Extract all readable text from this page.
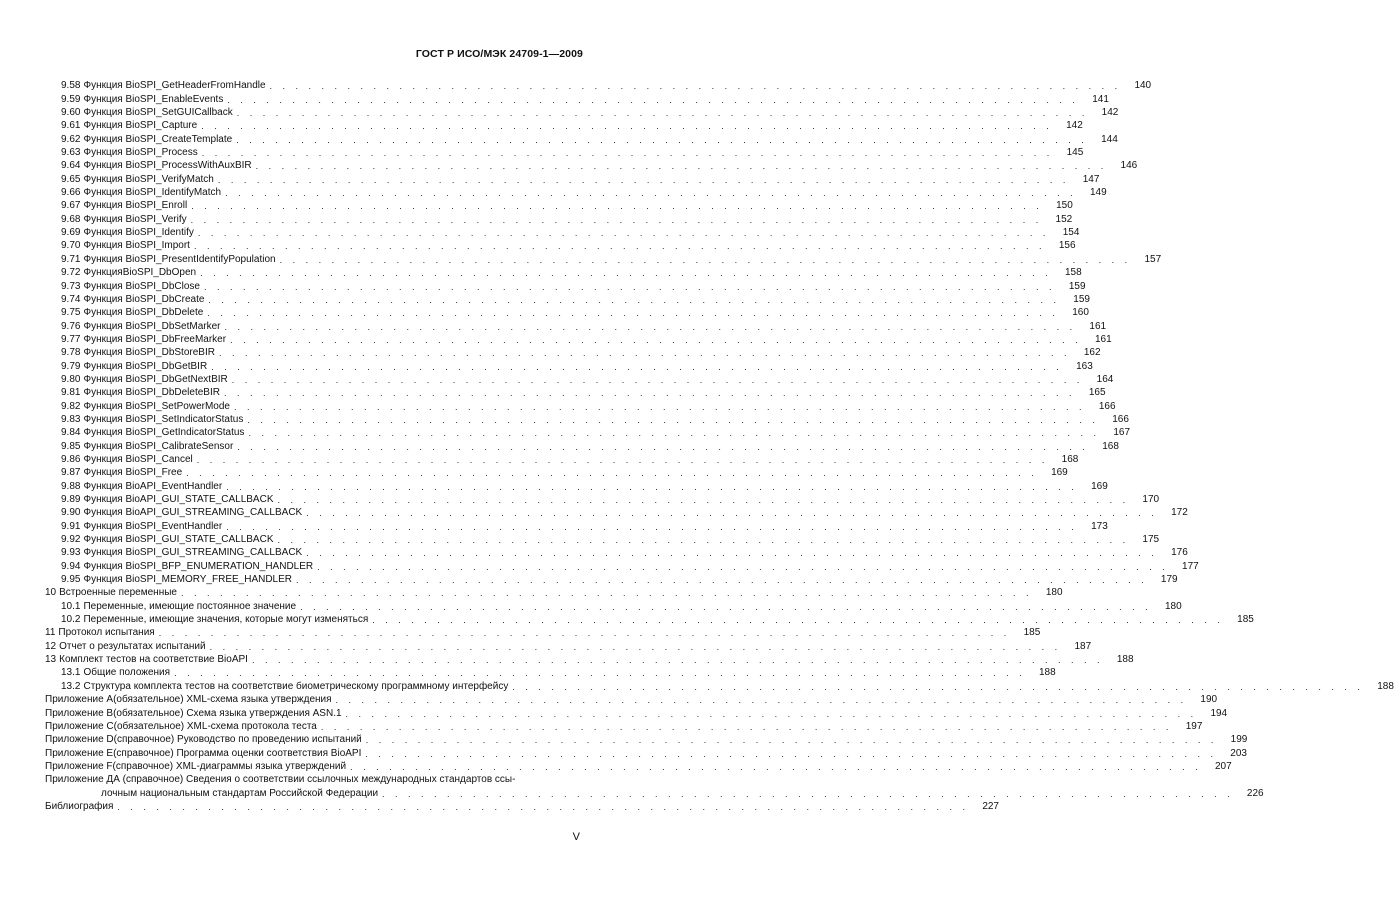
ГОСТ Р ИСО/МЭК 24709-1—2009
9.58 Функция BioSPI_GetHeaderFromHandle . . . . . . . . . . . . . . . . . . . . . . . . . . . . . . . . . . . . . . . . . . . . . . . . . . . . . . . . . . . . . . . . . .	140
9.59 Функция BioSPI_EnableEvents . . . . . . . . . . . . . . . . . . . . . . . . . . . . . . . . . . . . . . . . . . . . . . . . . . . . . . . . . . . . . . . . . .	141
9.60 Функция BioSPI_SetGUICallback . . . . . . . . . . . . . . . . . . . . . . . . . . . . . . . . . . . . . . . . . . . . . . . . . . . . . . . . . . . . . . . . . .	142
9.61 Функция BioSPI_Capture . . . . . . . . . . . . . . . . . . . . . . . . . . . . . . . . . . . . . . . . . . . . . . . . . . . . . . . . . . . . . . . . . .	142
9.62 Функция BioSPI_CreateTemplate . . . . . . . . . . . . . . . . . . . . . . . . . . . . . . . . . . . . . . . . . . . . . . . . . . . . . . . . . . . . . . . . . .	144
9.63 Функция BioSPI_Process . . . . . . . . . . . . . . . . . . . . . . . . . . . . . . . . . . . . . . . . . . . . . . . . . . . . . . . . . . . . . . . . . .	145
9.64 Функция BioSPI_ProcessWithAuxBIR . . . . . . . . . . . . . . . . . . . . . . . . . . . . . . . . . . . . . . . . . . . . . . . . . . . . . . . . . . . . . . . . . .	146
9.65 Функция BioSPI_VerifyMatch . . . . . . . . . . . . . . . . . . . . . . . . . . . . . . . . . . . . . . . . . . . . . . . . . . . . . . . . . . . . . . . . . .	147
9.66 Функция BioSPI_IdentifyMatch . . . . . . . . . . . . . . . . . . . . . . . . . . . . . . . . . . . . . . . . . . . . . . . . . . . . . . . . . . . . . . . . . .	149
9.67 Функция BioSPI_Enroll . . . . . . . . . . . . . . . . . . . . . . . . . . . . . . . . . . . . . . . . . . . . . . . . . . . . . . . . . . . . . . . . . .	150
9.68 Функция BioSPI_Verify . . . . . . . . . . . . . . . . . . . . . . . . . . . . . . . . . . . . . . . . . . . . . . . . . . . . . . . . . . . . . . . . . .	152
9.69 Функция BioSPI_Identify . . . . . . . . . . . . . . . . . . . . . . . . . . . . . . . . . . . . . . . . . . . . . . . . . . . . . . . . . . . . . . . . . .	154
9.70 Функция BioSPI_Import . . . . . . . . . . . . . . . . . . . . . . . . . . . . . . . . . . . . . . . . . . . . . . . . . . . . . . . . . . . . . . . . . .	156
9.71 Функция BioSPI_PresentIdentifyPopulation . . . . . . . . . . . . . . . . . . . . . . . . . . . . . . . . . . . . . . . . . . . . . . . . . . . . . . . . . . . . . . . . . .	157
9.72 ФункцияBioSPI_DbOpen . . . . . . . . . . . . . . . . . . . . . . . . . . . . . . . . . . . . . . . . . . . . . . . . . . . . . . . . . . . . . . . . . .	158
9.73 Функция BioSPI_DbClose . . . . . . . . . . . . . . . . . . . . . . . . . . . . . . . . . . . . . . . . . . . . . . . . . . . . . . . . . . . . . . . . . .	159
9.74 Функция BioSPI_DbCreate . . . . . . . . . . . . . . . . . . . . . . . . . . . . . . . . . . . . . . . . . . . . . . . . . . . . . . . . . . . . . . . . . .	159
9.75 Функция BioSPI_DbDelete . . . . . . . . . . . . . . . . . . . . . . . . . . . . . . . . . . . . . . . . . . . . . . . . . . . . . . . . . . . . . . . . . .	160
9.76 Функция BioSPI_DbSetMarker . . . . . . . . . . . . . . . . . . . . . . . . . . . . . . . . . . . . . . . . . . . . . . . . . . . . . . . . . . . . . . . . . .	161
9.77 Функция BioSPI_DbFreeMarker . . . . . . . . . . . . . . . . . . . . . . . . . . . . . . . . . . . . . . . . . . . . . . . . . . . . . . . . . . . . . . . . . .	161
9.78 Функция BioSPI_DbStoreBIR . . . . . . . . . . . . . . . . . . . . . . . . . . . . . . . . . . . . . . . . . . . . . . . . . . . . . . . . . . . . . . . . . .	162
9.79 Функция BioSPI_DbGetBIR . . . . . . . . . . . . . . . . . . . . . . . . . . . . . . . . . . . . . . . . . . . . . . . . . . . . . . . . . . . . . . . . . .	163
9.80 Функция BioSPI_DbGetNextBIR . . . . . . . . . . . . . . . . . . . . . . . . . . . . . . . . . . . . . . . . . . . . . . . . . . . . . . . . . . . . . . . . . .	164
9.81 Функция BioSPI_DbDeleteBIR . . . . . . . . . . . . . . . . . . . . . . . . . . . . . . . . . . . . . . . . . . . . . . . . . . . . . . . . . . . . . . . . . .	165
9.82 Функция BioSPI_SetPowerMode . . . . . . . . . . . . . . . . . . . . . . . . . . . . . . . . . . . . . . . . . . . . . . . . . . . . . . . . . . . . . . . . . .	166
9.83 Функция BioSPI_SetIndicatorStatus . . . . . . . . . . . . . . . . . . . . . . . . . . . . . . . . . . . . . . . . . . . . . . . . . . . . . . . . . . . . . . . . . .	166
9.84 Функция BioSPI_GetIndicatorStatus . . . . . . . . . . . . . . . . . . . . . . . . . . . . . . . . . . . . . . . . . . . . . . . . . . . . . . . . . . . . . . . . . .	167
9.85 Функция BioSPI_CalibrateSensor . . . . . . . . . . . . . . . . . . . . . . . . . . . . . . . . . . . . . . . . . . . . . . . . . . . . . . . . . . . . . . . . . .	168
9.86 Функция BioSPI_Cancel . . . . . . . . . . . . . . . . . . . . . . . . . . . . . . . . . . . . . . . . . . . . . . . . . . . . . . . . . . . . . . . . . .	168
9.87 Функция BioSPI_Free . . . . . . . . . . . . . . . . . . . . . . . . . . . . . . . . . . . . . . . . . . . . . . . . . . . . . . . . . . . . . . . . . .	169
9.88 Функция BioAPI_EventHandler . . . . . . . . . . . . . . . . . . . . . . . . . . . . . . . . . . . . . . . . . . . . . . . . . . . . . . . . . . . . . . . . . .	169
9.89 Функция BioAPI_GUI_STATE_CALLBACK . . . . . . . . . . . . . . . . . . . . . . . . . . . . . . . . . . . . . . . . . . . . . . . . . . . . . . . . . . . . . . . . . .	170
9.90 Функция BioAPI_GUI_STREAMING_CALLBACK . . . . . . . . . . . . . . . . . . . . . . . . . . . . . . . . . . . . . . . . . . . . . . . . . . . . . . . . . . . . . . . . . .	172
9.91 Функция BioSPI_EventHandler . . . . . . . . . . . . . . . . . . . . . . . . . . . . . . . . . . . . . . . . . . . . . . . . . . . . . . . . . . . . . . . . . .	173
9.92 Функция BioSPI_GUI_STATE_CALLBACK . . . . . . . . . . . . . . . . . . . . . . . . . . . . . . . . . . . . . . . . . . . . . . . . . . . . . . . . . . . . . . . . . .	175
9.93 Функция BioSPI_GUI_STREAMING_CALLBACK . . . . . . . . . . . . . . . . . . . . . . . . . . . . . . . . . . . . . . . . . . . . . . . . . . . . . . . . . . . . . . . . . .	176
9.94 Функция BioSPI_BFP_ENUMERATION_HANDLER . . . . . . . . . . . . . . . . . . . . . . . . . . . . . . . . . . . . . . . . . . . . . . . . . . . . . . . . . . . . . . . . . .	177
9.95 Функция BioSPI_MEMORY_FREE_HANDLER . . . . . . . . . . . . . . . . . . . . . . . . . . . . . . . . . . . . . . . . . . . . . . . . . . . . . . . . . . . . . . . . . .	179
10 Встроенные переменные . . . . . . . . . . . . . . . . . . . . . . . . . . . . . . . . . . . . . . . . . . . . . . . . . . . . . . . . . . . . . . . . . .	180
10.1 Переменные, имеющие постоянное значение . . . . . . . . . . . . . . . . . . . . . . . . . . . . . . . . . . . . . . . . . . . . . . . . . . . . . . . . . . . . . . . . . .	180
10.2 Переменные, имеющие значения, которые могут изменяться . . . . . . . . . . . . . . . . . . . . . . . . . . . . . . . . . . . . . . . . . . . . . . . . . . . . . . . . . . . . . . . . . .	185
11 Протокол испытания . . . . . . . . . . . . . . . . . . . . . . . . . . . . . . . . . . . . . . . . . . . . . . . . . . . . . . . . . . . . . . . . . .	185
12 Отчет о результатах испытаний . . . . . . . . . . . . . . . . . . . . . . . . . . . . . . . . . . . . . . . . . . . . . . . . . . . . . . . . . . . . . . . . . .	187
13 Комплект тестов на соответствие BioAPI . . . . . . . . . . . . . . . . . . . . . . . . . . . . . . . . . . . . . . . . . . . . . . . . . . . . . . . . . . . . . . . . . .	188
13.1 Общие положения . . . . . . . . . . . . . . . . . . . . . . . . . . . . . . . . . . . . . . . . . . . . . . . . . . . . . . . . . . . . . . . . . .	188
13.2 Структура комплекта тестов на соответствие биометрическому программному интерфейсу . . . . . . . . . . . . . . . . . . . . . . . . . . . . . . . . . . . . . . . . . . . . . . . . . . . . . . . . . . . . . . . . . .	188
Приложение А(обязательное) XML-схема языка утверждения . . . . . . . . . . . . . . . . . . . . . . . . . . . . . . . . . . . . . . . . . . . . . . . . . . . . . . . . . . . . . . . . . .	190
Приложение В(обязательное) Схема языка утверждения ASN.1 . . . . . . . . . . . . . . . . . . . . . . . . . . . . . . . . . . . . . . . . . . . . . . . . . . . . . . . . . . . . . . . . . .	194
Приложение С(обязательное) XML-схема протокола теста . . . . . . . . . . . . . . . . . . . . . . . . . . . . . . . . . . . . . . . . . . . . . . . . . . . . . . . . . . . . . . . . . .	197
Приложение D(справочное) Руководство по проведению испытаний . . . . . . . . . . . . . . . . . . . . . . . . . . . . . . . . . . . . . . . . . . . . . . . . . . . . . . . . . . . . . . . . . .	199
Приложение Е(справочное) Программа оценки соответствия BioAPI . . . . . . . . . . . . . . . . . . . . . . . . . . . . . . . . . . . . . . . . . . . . . . . . . . . . . . . . . . . . . . . . . .	203
Приложение F(справочное) XML-диаграммы языка утверждений . . . . . . . . . . . . . . . . . . . . . . . . . . . . . . . . . . . . . . . . . . . . . . . . . . . . . . . . . . . . . . . . . .	207
Приложение ДА (справочное) Сведения о соответствии ссылочных международных стандартов ссы-
лочным национальным стандартам Российской Федерации . . . . . . . . . . . . . . . . . . . . . . . . . . . . . . . . . . . . . . . . . . . . . . . . . . . . . . . . . . . . . . . . . .	226
Библиография . . . . . . . . . . . . . . . . . . . . . . . . . . . . . . . . . . . . . . . . . . . . . . . . . . . . . . . . . . . . . . . . . .	227
V
